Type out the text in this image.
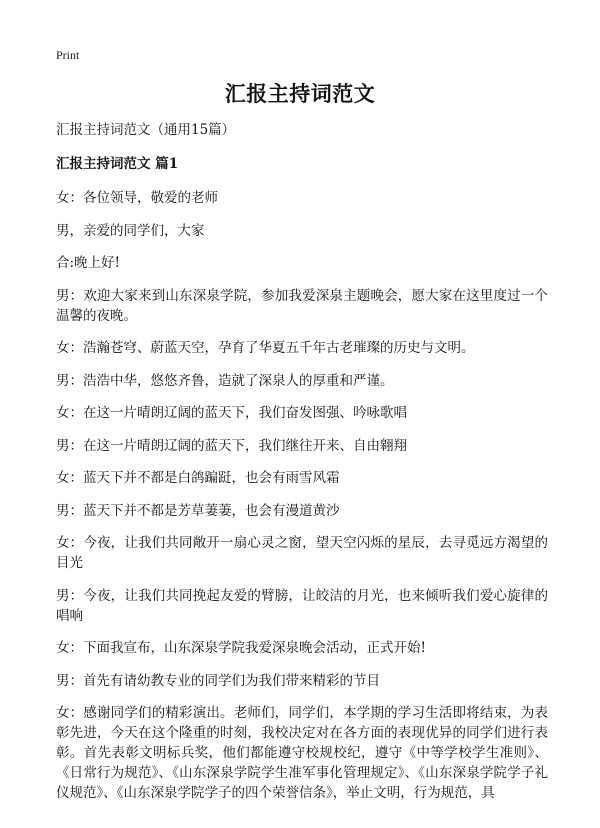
Print
汇报主持词范文

汇报主持词范文（通用15篇）

汇报主持词范文 篇1

女：各位领导，敬爱的老师

男，亲爱的同学们，大家

合:晚上好!

男：欢迎大家来到山东深泉学院，参加我爱深泉主题晚会，愿大家在这里度过一个温馨的夜晚。

女：浩瀚苍穹、蔚蓝天空，孕育了华夏五千年古老璀璨的历史与文明。

男：浩浩中华，悠悠齐鲁，造就了深泉人的厚重和严谨。

女：在这一片晴朗辽阔的蓝天下，我们奋发图强、吟咏歌唱

男：在这一片晴朗辽阔的蓝天下，我们继往开来、自由翱翔

女：蓝天下并不都是白鸽蹁跹，也会有雨雪风霜

男：蓝天下并不都是芳草萋萋，也会有漫道黄沙

女：今夜，让我们共同敞开一扇心灵之窗，望天空闪烁的星辰，去寻觅远方渴望的目光

男：今夜，让我们共同挽起友爱的臂膀，让皎洁的月光，也来倾听我们爱心旋律的唱响

女：下面我宣布，山东深泉学院我爱深泉晚会活动，正式开始!

男：首先有请幼教专业的同学们为我们带来精彩的节目

女：感谢同学们的精彩演出。老师们，同学们，本学期的学习生活即将结束，为表彰先进，今天在这个隆重的时刻，我校决定对在各方面的表现优异的同学们进行表彰。首先表彰文明标兵奖，他们都能遵守校规校纪，遵守《中等学校学生准则》、《日常行为规范》、《山东深泉学院学生准军事化管理规定》、《山东深泉学院学子礼仪规范》、《山东深泉学院学子的四个荣誉信条》，举止文明，行为规范，具
